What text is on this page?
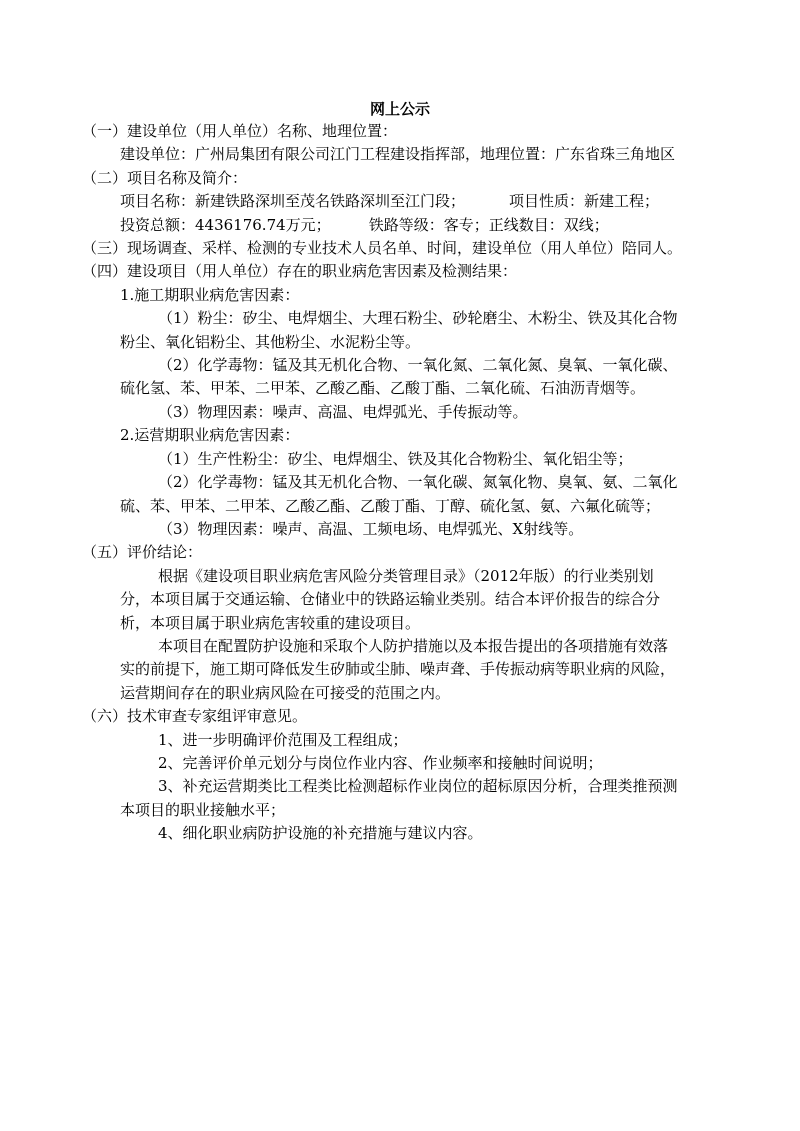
网上公示

（一）建设单位（用人单位）名称、地理位置：

建设单位：广州局集团有限公司江门工程建设指挥部，地理位置：广东省珠三角地区

（二）项目名称及简介：

项目名称：新建铁路深圳至茂名铁路深圳至江门段；	项目性质：新建工程；

投资总额：4436176.74万元；        铁路等级：客专；正线数目：双线；

（三）现场调查、采样、检测的专业技术人员名单、时间，建设单位（用人单位）陪同人。

（四）建设项目（用人单位）存在的职业病危害因素及检测结果：

1.施工期职业病危害因素：

（1）粉尘：矽尘、电焊烟尘、大理石粉尘、砂轮磨尘、木粉尘、铁及其化合物粉尘、氧化铝粉尘、其他粉尘、水泥粉尘等。

（2）化学毒物：锰及其无机化合物、一氧化氮、二氧化氮、臭氧、一氧化碳、硫化氢、苯、甲苯、二甲苯、乙酸乙酯、乙酸丁酯、二氧化硫、石油沥青烟等。

（3）物理因素：噪声、高温、电焊弧光、手传振动等。

2.运营期职业病危害因素：

（1）生产性粉尘：矽尘、电焊烟尘、铁及其化合物粉尘、氧化铝尘等；

（2）化学毒物：锰及其无机化合物、一氧化碳、氮氧化物、臭氧、氨、二氧化硫、苯、甲苯、二甲苯、乙酸乙酯、乙酸丁酯、丁醇、硫化氢、氨、六氟化硫等；

（3）物理因素：噪声、高温、工频电场、电焊弧光、X射线等。

（五）评价结论：

根据《建设项目职业病危害风险分类管理目录》（2012年版）的行业类别划分，本项目属于交通运输、仓储业中的铁路运输业类别。结合本评价报告的综合分析，本项目属于职业病危害较重的建设项目。

本项目在配置防护设施和采取个人防护措施以及本报告提出的各项措施有效落实的前提下，施工期可降低发生矽肺或尘肺、噪声聋、手传振动病等职业病的风险，运营期间存在的职业病风险在可接受的范围之内。

（六）技术审查专家组评审意见。

1、进一步明确评价范围及工程组成；

2、完善评价单元划分与岗位作业内容、作业频率和接触时间说明；

3、补充运营期类比工程类比检测超标作业岗位的超标原因分析，合理类推预测本项目的职业接触水平；

4、细化职业病防护设施的补充措施与建议内容。
